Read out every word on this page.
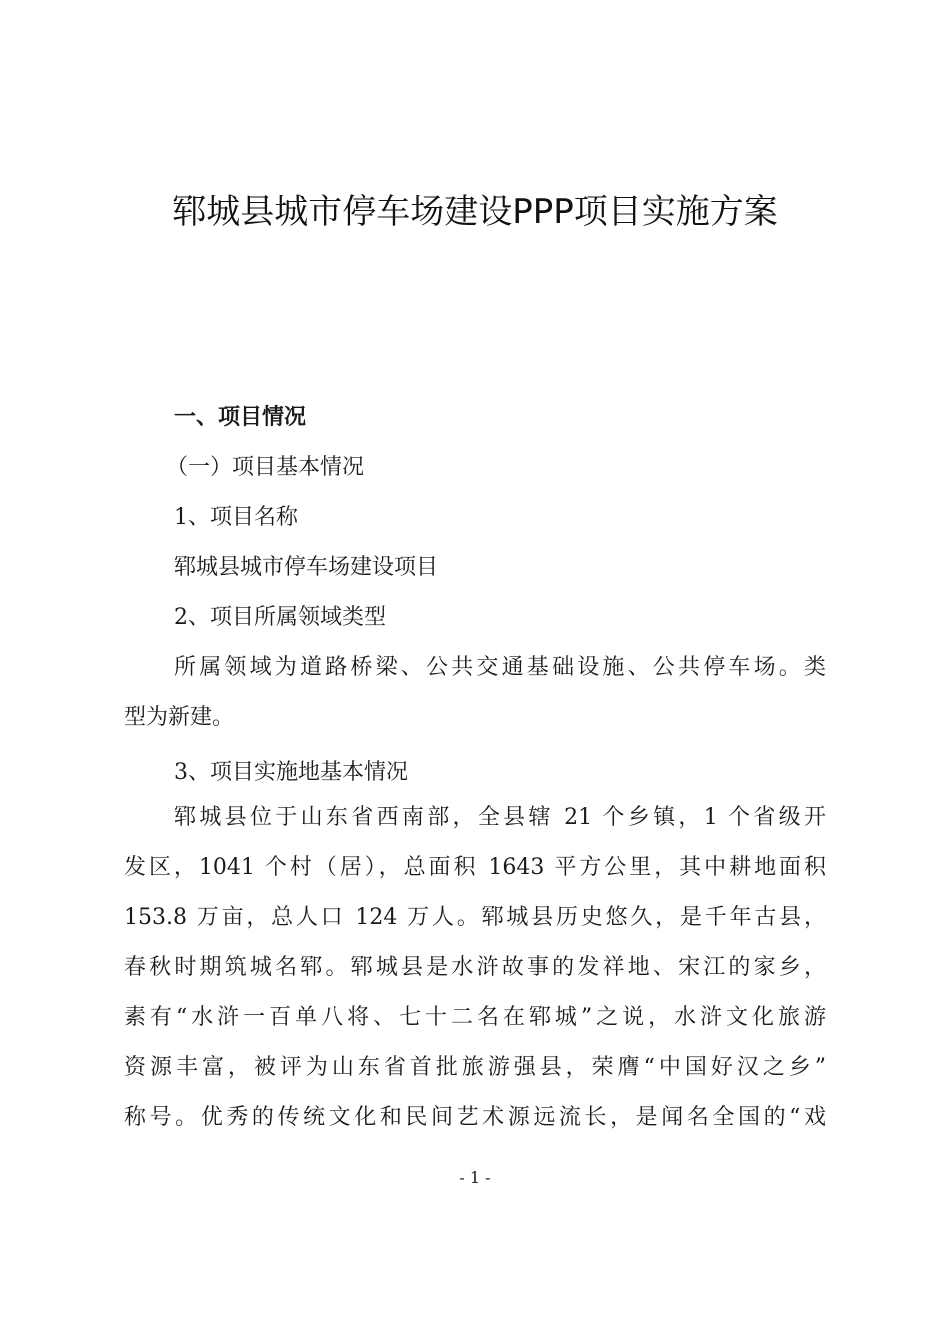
郓城县城市停车场建设PPP项目实施方案
一、项目情况
（一）项目基本情况
1、项目名称
郓城县城市停车场建设项目
2、项目所属领域类型
所属领域为道路桥梁、公共交通基础设施、公共停车场。类
型为新建。
3、项目实施地基本情况
郓城县位于山东省西南部，全县辖 21 个乡镇，1 个省级开
发区，1041 个村（居），总面积 1643 平方公里，其中耕地面积
153.8 万亩，总人口 124 万人。郓城县历史悠久，是千年古县，
春秋时期筑城名郓。郓城县是水浒故事的发祥地、宋江的家乡，
素有“水浒一百单八将、七十二名在郓城”之说，水浒文化旅游
资源丰富，被评为山东省首批旅游强县，荣膺“中国好汉之乡”
称号。优秀的传统文化和民间艺术源远流长，是闻名全国的“戏
- 1 -
